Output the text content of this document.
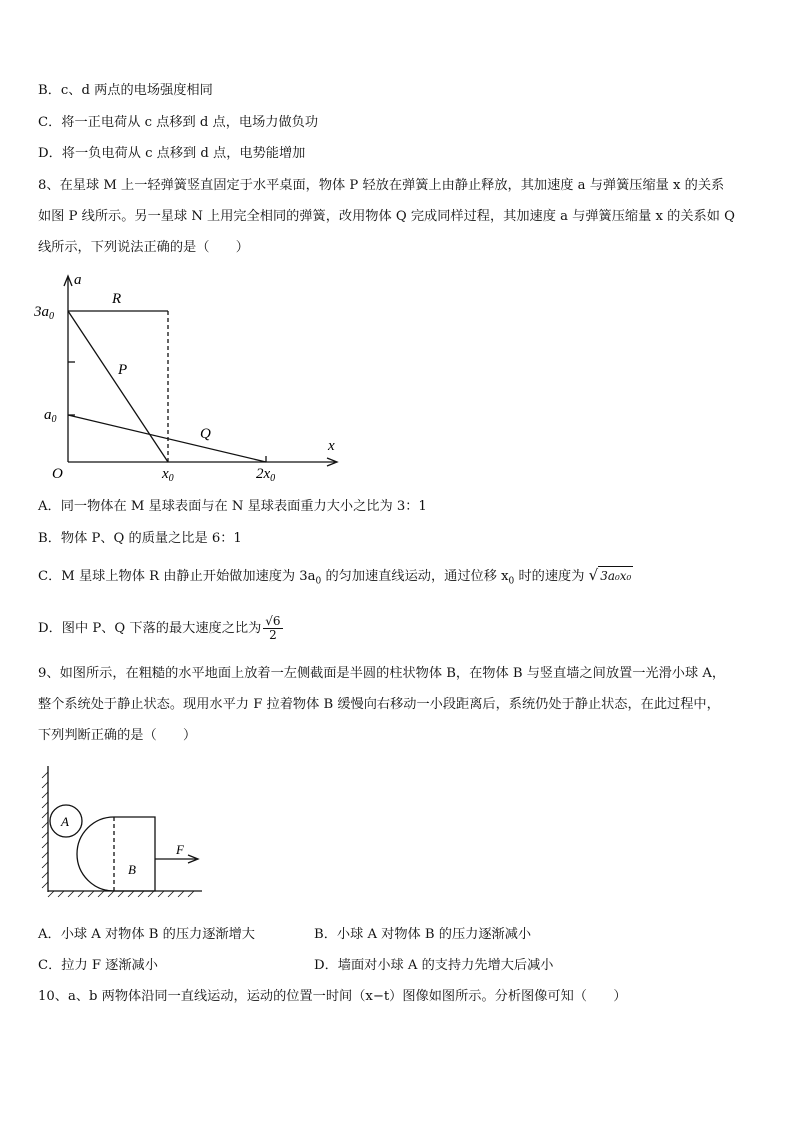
B．c、d 两点的电场强度相同
C．将一正电荷从 c 点移到 d 点，电场力做负功
D．将一负电荷从 c 点移到 d 点，电势能增加
8、在星球 M 上一轻弹簧竖直固定于水平桌面，物体 P 轻放在弹簧上由静止释放，其加速度 a 与弹簧压缩量 x 的关系
如图 P 线所示。另一星球 N 上用完全相同的弹簧，改用物体 Q 完成同样过程，其加速度 a 与弹簧压缩量 x 的关系如 Q
线所示，下列说法正确的是（　　）
a
x
O
$3a_0$
$a_0$
$x_0$	$2x_0$
R
P
Q
A．同一物体在 M 星球表面与在 N 星球表面重力大小之比为 3：1
B．物体 P、Q 的质量之比是 6：1
C．M 星球上物体 R 由静止开始做加速度为 $3a_0$ 的匀加速直线运动，通过位移 $x_0$ 时的速度为 √ 3a₀x₀
D．图中 P、Q 下落的最大速度之比为 $\frac{√6}{2}$
9、如图所示，在粗糙的水平地面上放着一左侧截面是半圆的柱状物体 B，在物体 B 与竖直墙之间放置一光滑小球 A，
整个系统处于静止状态。现用水平力 F 拉着物体 B 缓慢向右移动一小段距离后，系统仍处于静止状态，在此过程中，
下列判断正确的是（　　）
A
B
F
A．小球 A 对物体 B 的压力逐渐增大	B．小球 A 对物体 B 的压力逐渐减小
C．拉力 F 逐渐减小	D．墙面对小球 A 的支持力先增大后减小
10、a、b 两物体沿同一直线运动，运动的位置一时间（x−t）图像如图所示。分析图像可知（　　）
